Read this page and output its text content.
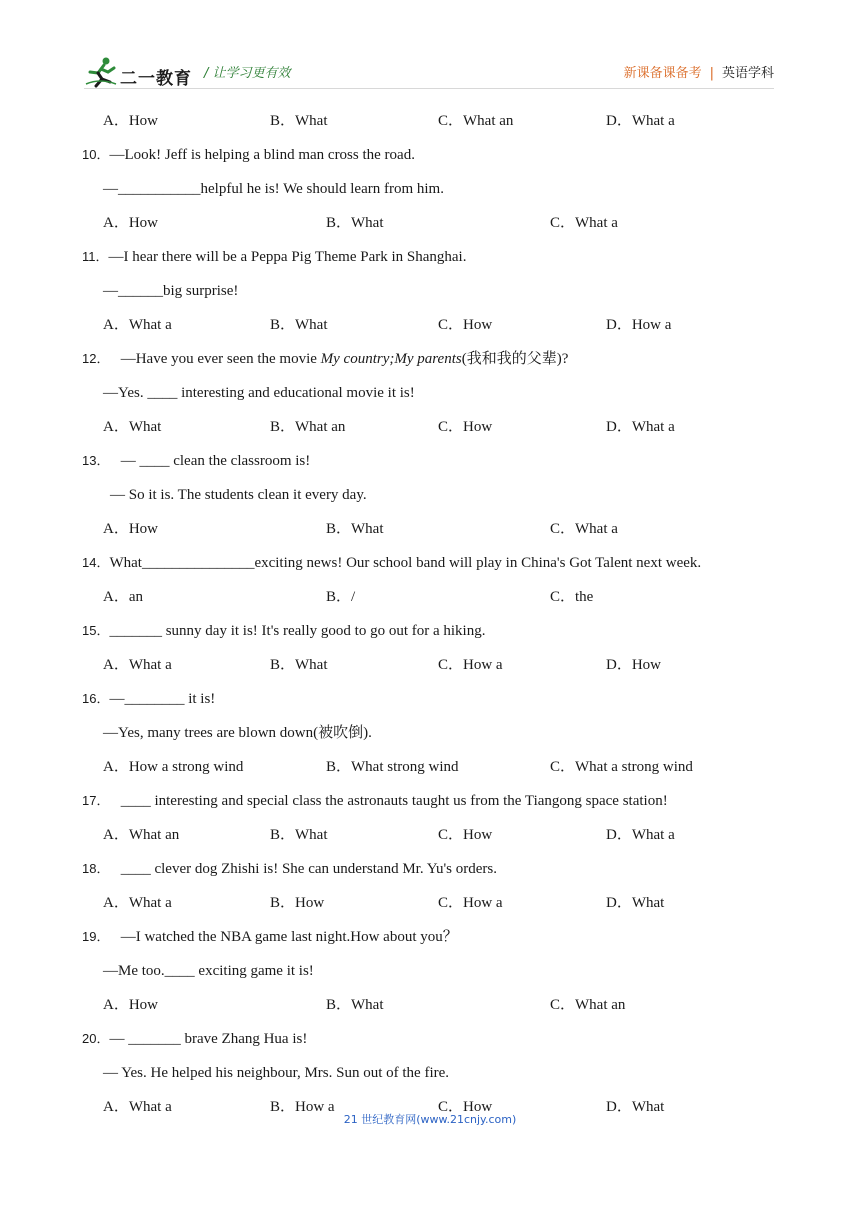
二一教育 / 让学习更有效	新课备课备考 | 英语学科
A．How	B．What	C．What an	D．What a
10．—Look! Jeff is helping a blind man cross the road.
—___________helpful he is! We should learn from him.
A．How	B．What	C．What a
11．—I hear there will be a Peppa Pig Theme Park in Shanghai.
—______big surprise!
A．What a	B．What	C．How	D．How a
12． —Have you ever seen the movie My country;My parents(我和我的父辈)?
—Yes. ____ interesting and educational movie it is!
A．What	B．What an	C．How	D．What a
13． — ____ clean the classroom is!
— So it is. The students clean it every day.
A．How	B．What	C．What a
14．What_______________exciting news! Our school band will play in China's Got Talent next week.
A．an	B．/	C．the
15．_______ sunny day it is! It's really good to go out for a hiking.
A．What a	B．What	C．How a	D．How
16．—________ it is!
—Yes, many trees are blown down(被吹倒).
A．How a strong wind	B．What strong wind	C．What a strong wind
17． ____ interesting and special class the astronauts taught us from the Tiangong space station!
A．What an	B．What	C．How	D．What a
18． ____ clever dog Zhishi is! She can understand Mr. Yu's orders.
A．What a	B．How	C．How a	D．What
19． —I watched the NBA game last night.How about you？
—Me too.____ exciting game it is!
A．How	B．What	C．What an
20．— _______ brave Zhang Hua is!
— Yes. He helped his neighbour, Mrs. Sun out of the fire.
A．What a	B．How a	C．How	D．What
21 世纪教育网(www.21cnjy.com)
